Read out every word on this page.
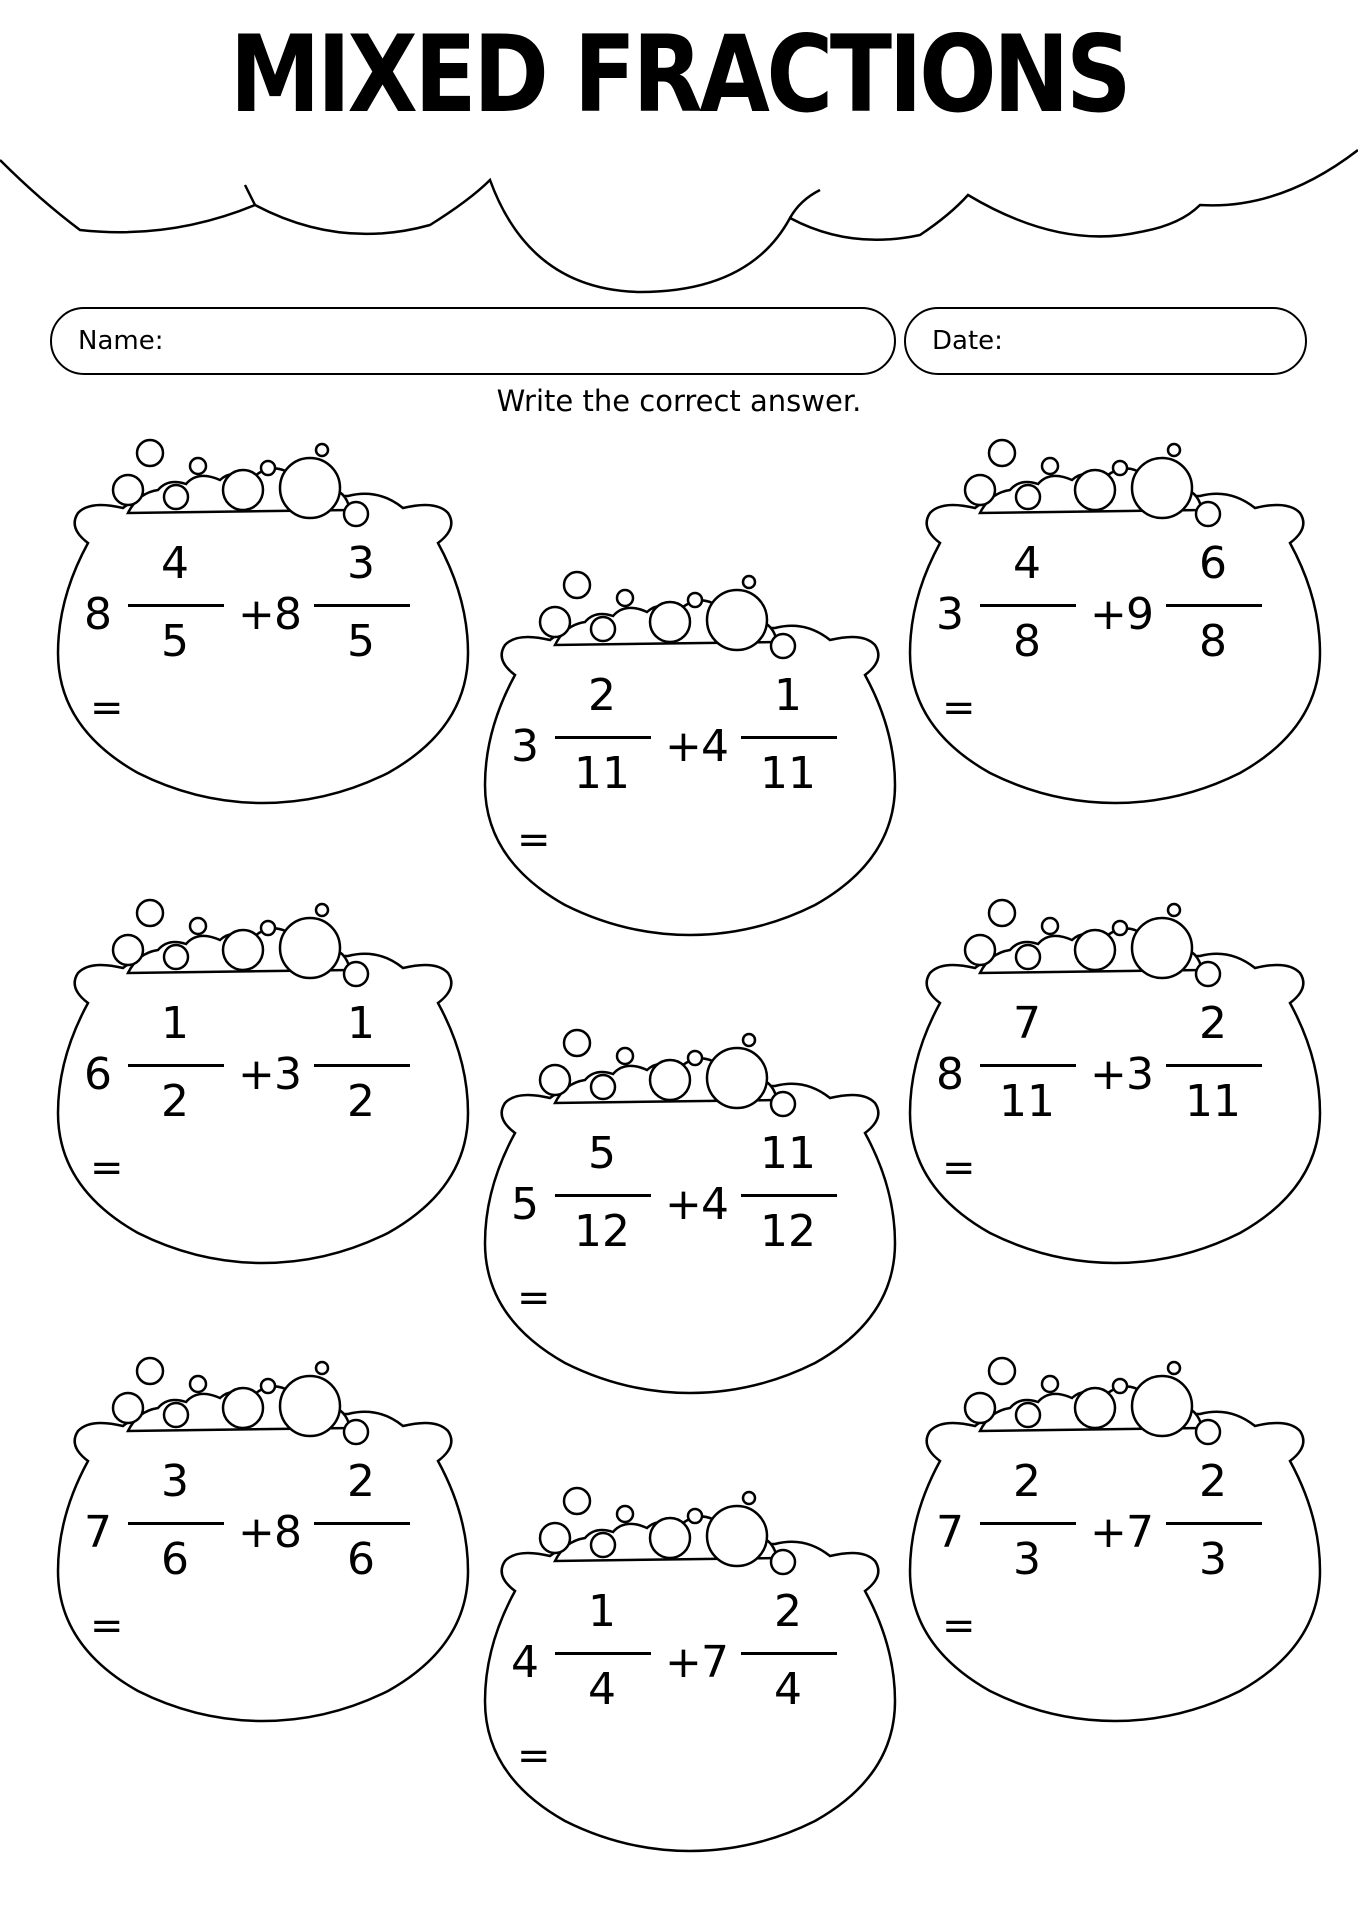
MIXED FRACTIONS
Name:	Date:
Write the correct answer.
8
4
5
+ 8
3
5
=
3
2
11
+ 4
1
11
=
3
4
8
+ 9
6
8
=
6
1
2
+ 3
1
2
=
5
5
12
+ 4
11
12
=
8
7
11
+ 3
2
11
=
7
3
6
+ 8
2
6
=
4
1
4
+ 7
2
4
=
7
2
3
+ 7
2
3
=
